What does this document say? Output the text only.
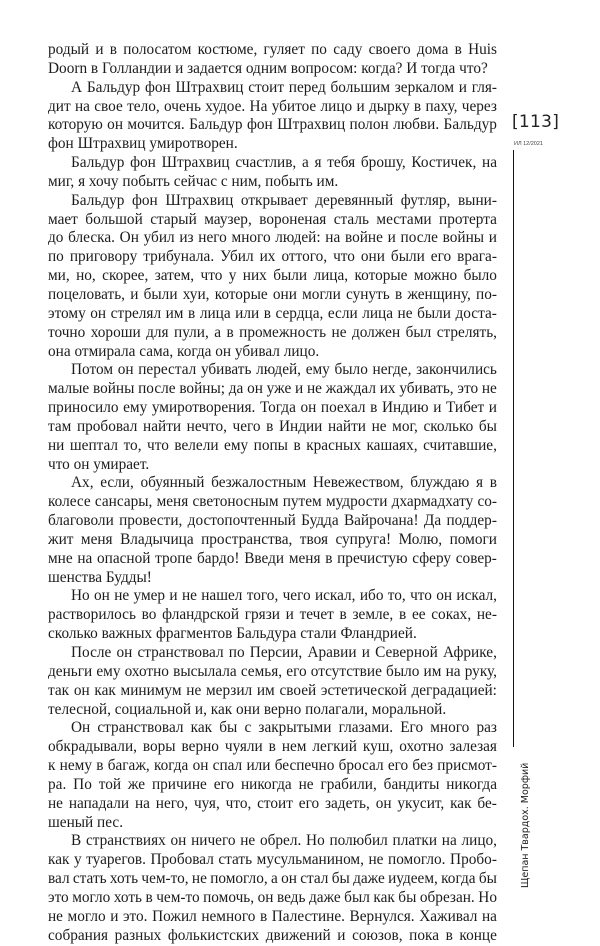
родый и в полосатом костюме, гуляет по саду своего дома в Huis
Doorn в Голландии и задается одним вопросом: когда? И тогда что?
А Бальдур фон Штрахвиц стоит перед большим зеркалом и гля-
дит на свое тело, очень худое. На убитое лицо и дырку в паху, через
которую он мочится. Бальдур фон Штрахвиц полон любви. Бальдур
фон Штрахвиц умиротворен.
Бальдур фон Штрахвиц счастлив, а я тебя брошу, Костичек, на
миг, я хочу побыть сейчас с ним, побыть им.
Бальдур фон Штрахвиц открывает деревянный футляр, выни-
мает большой старый маузер, вороненая сталь местами протерта
до блеска. Он убил из него много людей: на войне и после войны и
по приговору трибунала. Убил их оттого, что они были его врага-
ми, но, скорее, затем, что у них были лица, которые можно было
поцеловать, и были хуи, которые они могли сунуть в женщину, по-
этому он стрелял им в лица или в сердца, если лица не были доста-
точно хороши для пули, а в промежность не должен был стрелять,
она отмирала сама, когда он убивал лицо.
Потом он перестал убивать людей, ему было негде, закончились
малые войны после войны; да он уже и не жаждал их убивать, это не
приносило ему умиротворения. Тогда он поехал в Индию и Тибет и
там пробовал найти нечто, чего в Индии найти не мог, сколько бы
ни шептал то, что велели ему попы в красных кашаях, считавшие,
что он умирает.
Ах, если, обуянный безжалостным Невежеством, блуждаю я в
колесе сансары, меня светоносным путем мудрости дхармадхату со-
благоволи провести, достопочтенный Будда Вайрочана! Да поддер-
жит меня Владычица пространства, твоя супруга! Молю, помоги
мне на опасной тропе бардо! Введи меня в пречистую сферу совер-
шенства Будды!
Но он не умер и не нашел того, чего искал, ибо то, что он искал,
растворилось во фландрской грязи и течет в земле, в ее соках, не-
сколько важных фрагментов Бальдура стали Фландрией.
После он странствовал по Персии, Аравии и Северной Африке,
деньги ему охотно высылала семья, его отсутствие было им на руку,
так он как минимум не мерзил им своей эстетической деградацией:
телесной, социальной и, как они верно полагали, моральной.
Он странствовал как бы с закрытыми глазами. Его много раз
обкрадывали, воры верно чуяли в нем легкий куш, охотно залезая
к нему в багаж, когда он спал или беспечно бросал его без присмот-
ра. По той же причине его никогда не грабили, бандиты никогда
не нападали на него, чуя, что, стоит его задеть, он укусит, как бе-
шеный пес.
В странствиях он ничего не обрел. Но полюбил платки на лицо,
как у туарегов. Пробовал стать мусульманином, не помогло. Пробо-
вал стать хоть чем-то, не помогло, а он стал бы даже иудеем, когда бы
это могло хоть в чем-то помочь, он ведь даже был как бы обрезан. Но
не могло и это. Пожил немного в Палестине. Вернулся. Хаживал на
собрания разных фолькистских движений и союзов, пока в конце
[113]
ИЛ 12/2021
Щепан Твардох. Морфий
